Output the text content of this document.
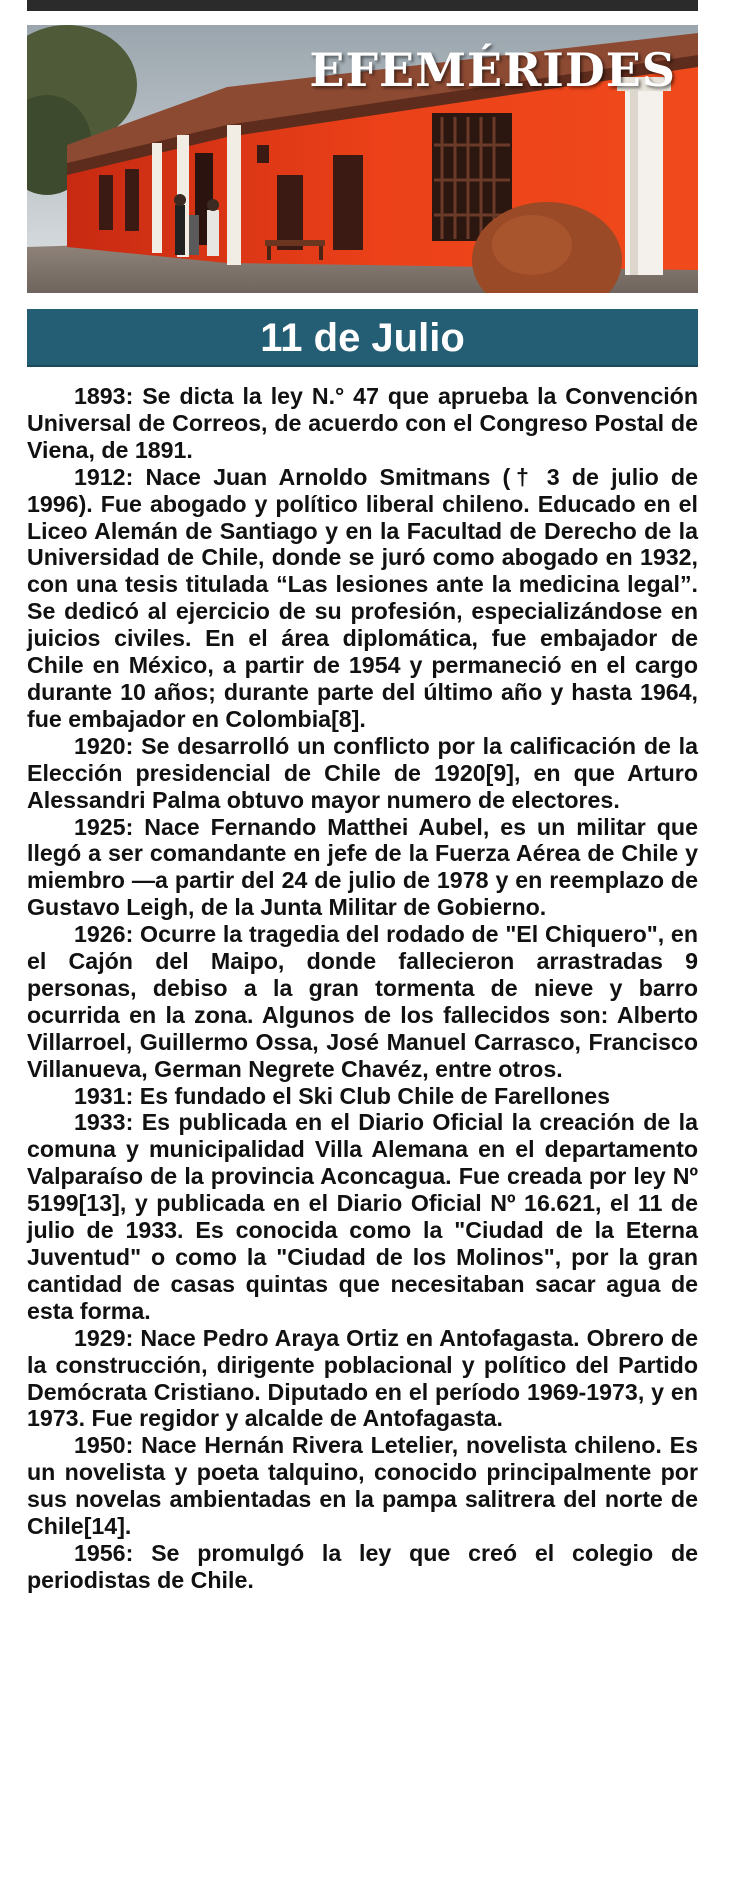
EFEMÉRIDES
11 de Julio

1893: Se dicta la ley N.° 47 que aprueba la Convención Universal de Correos, de acuerdo con el Congreso Postal de Viena, de 1891.

1912: Nace Juan Arnoldo Smitmans († 3 de julio de 1996). Fue abogado y político liberal chileno. Educado en el Liceo Alemán de Santiago y en la Facultad de Derecho de la Universidad de Chile, donde se juró como abogado en 1932, con una tesis titulada “Las lesiones ante la medicina legal”. Se dedicó al ejercicio de su profesión, especializándose en juicios civiles. En el área diplomática, fue embajador de Chile en México, a partir de 1954 y permaneció en el cargo durante 10 años; durante parte del último año y hasta 1964, fue embajador en Colombia[8].

1920: Se desarrolló un conflicto por la calificación de la Elección presidencial de Chile de 1920[9], en que Arturo Alessandri Palma obtuvo mayor numero de electores.

1925: Nace Fernando Matthei Aubel, es un militar que llegó a ser comandante en jefe de la Fuerza Aérea de Chile y miembro —a partir del 24 de julio de 1978 y en reemplazo de Gustavo Leigh, de la Junta Militar de Gobierno.

1926: Ocurre la tragedia del rodado de "El Chiquero", en el Cajón del Maipo, donde fallecieron arrastradas 9 personas, debiso a la gran tormenta de nieve y barro ocurrida en la zona. Algunos de los fallecidos son: Alberto Villarroel, Guillermo Ossa, José Manuel Carrasco, Francisco Villanueva, German Negrete Chavéz, entre otros.

1931: Es fundado el Ski Club Chile de Farellones

1933: Es publicada en el Diario Oficial la creación de la comuna y municipalidad Villa Alemana en el departamento Valparaíso de la provincia Aconcagua. Fue creada por ley Nº 5199[13], y publicada en el Diario Oficial Nº 16.621, el 11 de julio de 1933. Es conocida como la "Ciudad de la Eterna Juventud" o como la "Ciudad de los Molinos", por la gran cantidad de casas quintas que necesitaban sacar agua de esta forma.

1929: Nace Pedro Araya Ortiz en Antofagasta. Obrero de la construcción, dirigente poblacional y político del Partido Demócrata Cristiano. Diputado en el período 1969-1973, y en 1973. Fue regidor y alcalde de Antofagasta.

1950: Nace Hernán Rivera Letelier, novelista chileno. Es un novelista y poeta talquino, conocido principalmente por sus novelas ambientadas en la pampa salitrera del norte de Chile[14].

1956: Se promulgó la ley que creó el colegio de periodistas de Chile.
